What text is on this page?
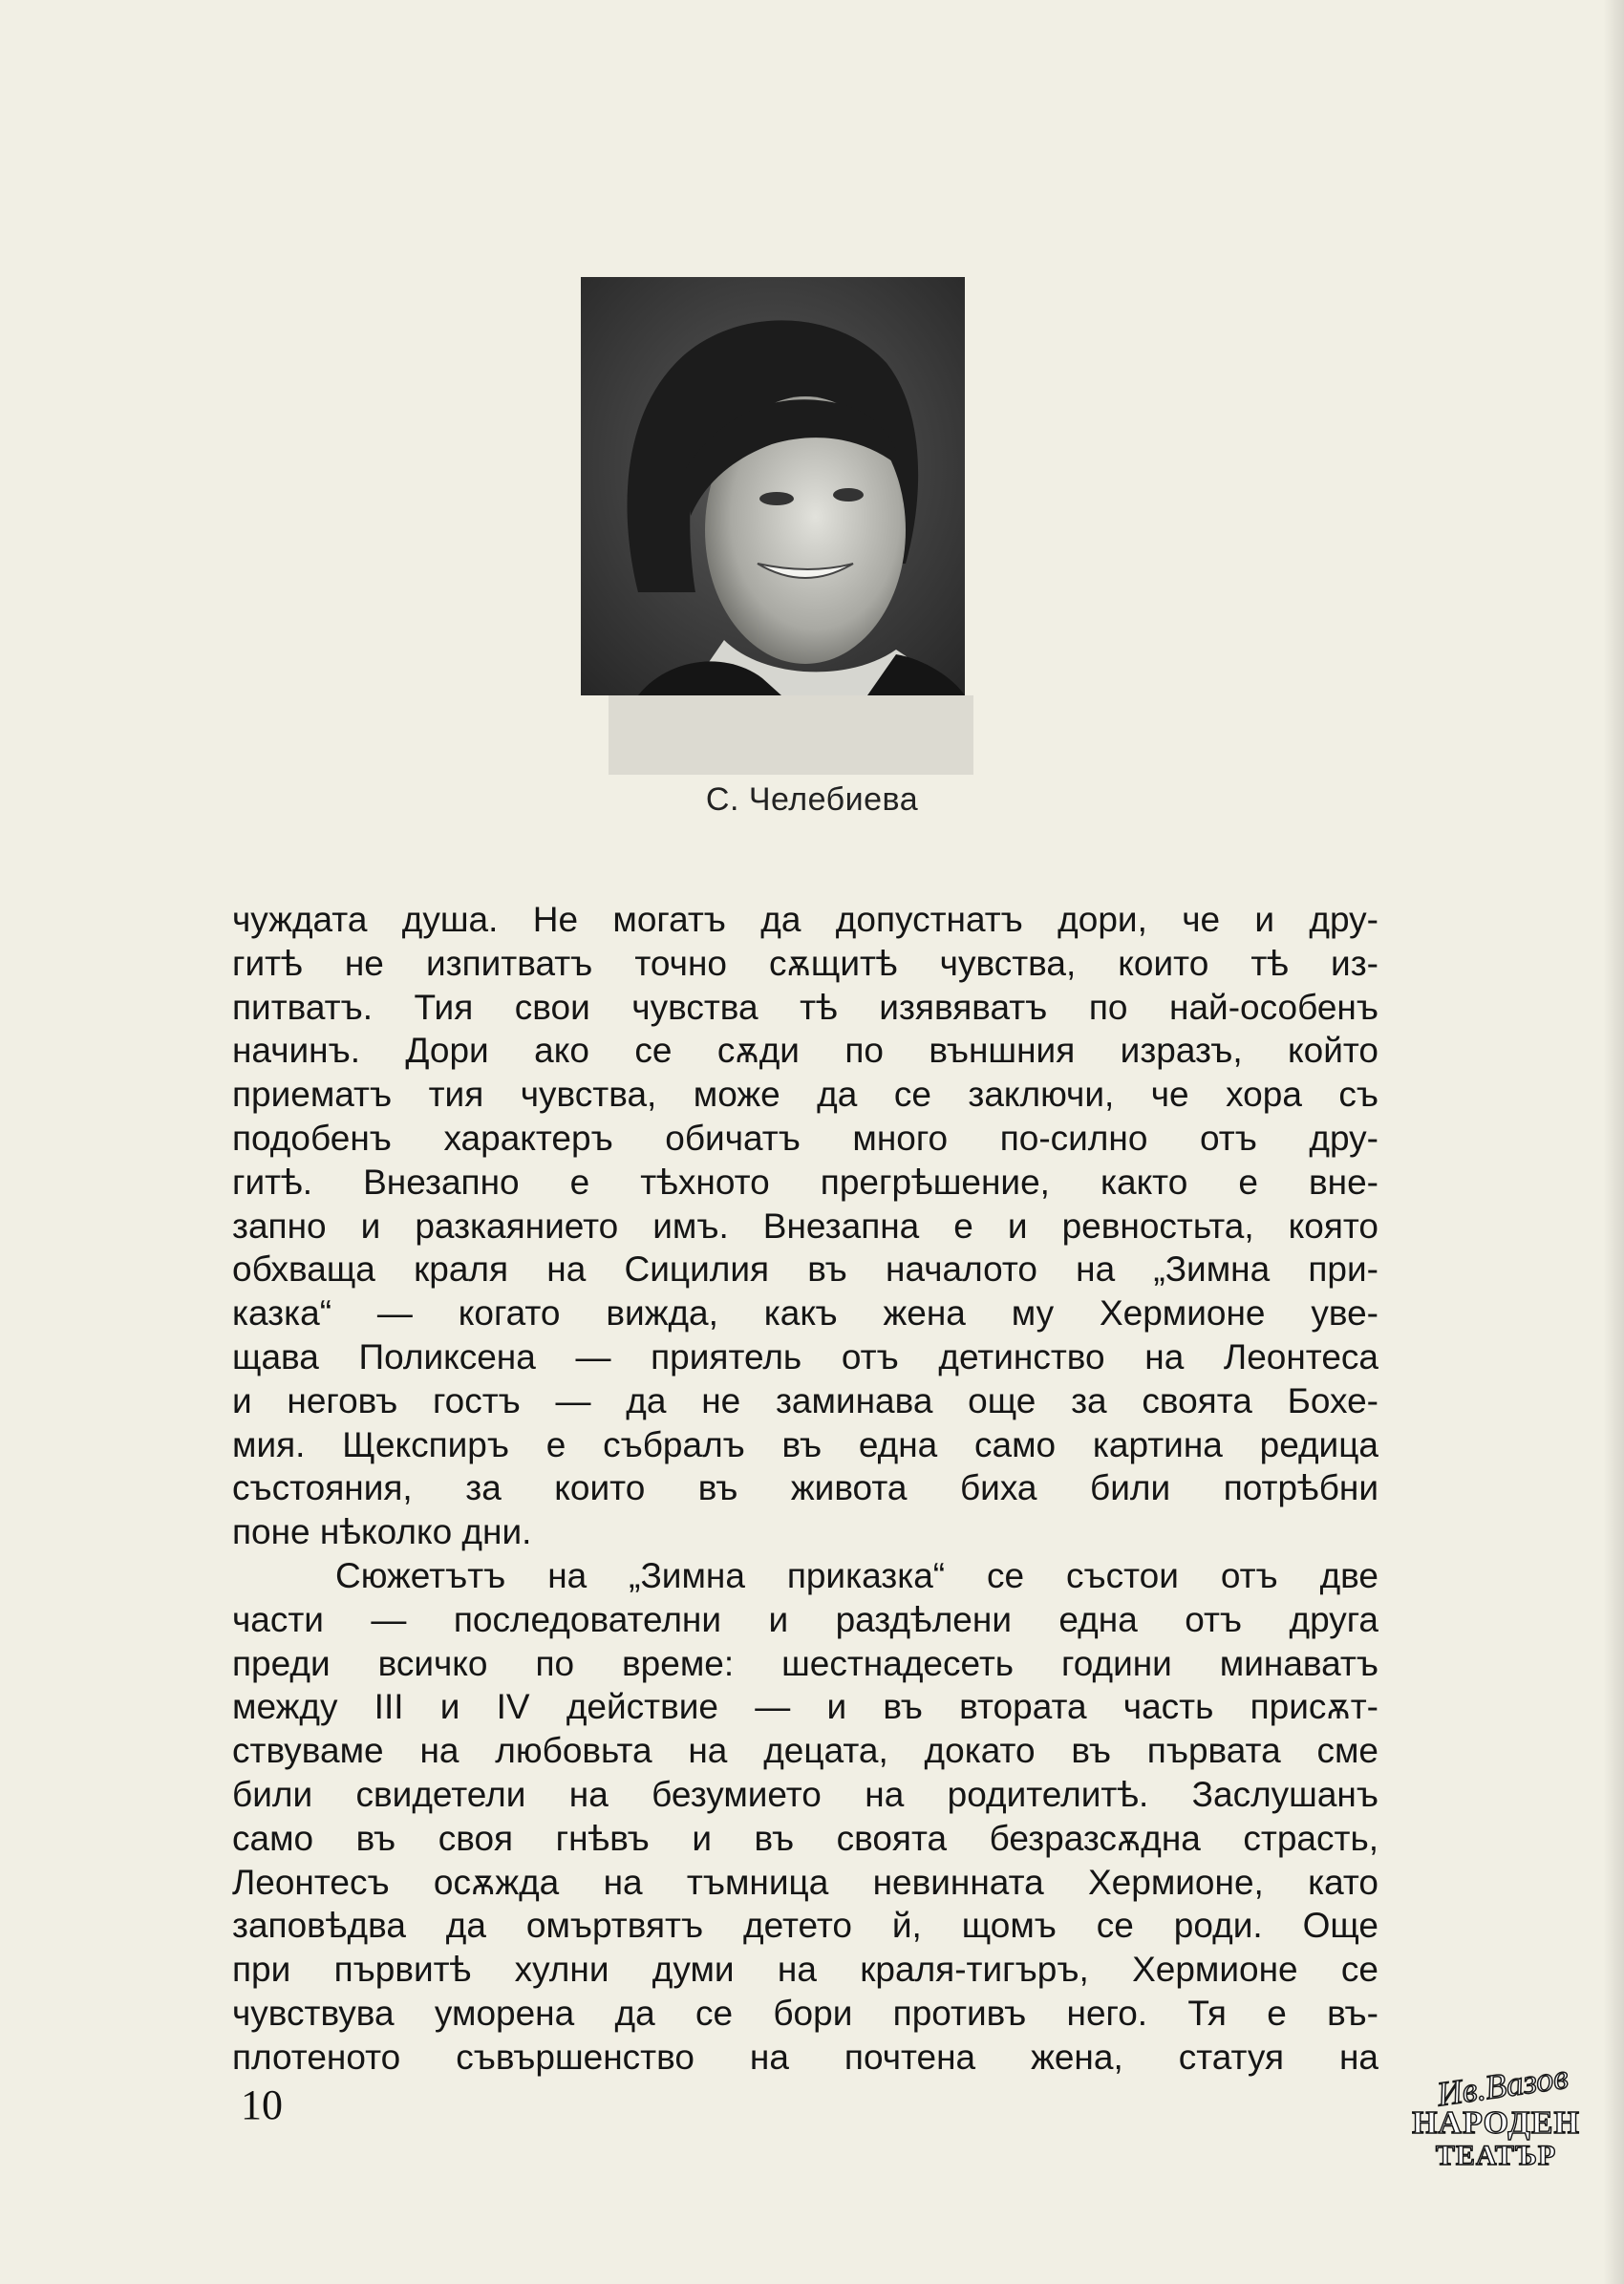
С. Челебиева
чуждата душа. Не могатъ да допустнатъ дори, че и дру-
гитѣ не изпитватъ точно сѫщитѣ чувства, които тѣ из-
питватъ. Тия свои чувства тѣ изявяватъ по най-особенъ
начинъ. Дори ако се сѫди по външния изразъ, който
приематъ тия чувства, може да се заключи, че хора съ
подобенъ характеръ обичатъ много по-силно отъ дру-
гитѣ. Внезапно е тѣхното прегрѣшение, както е вне-
запно и разкаянието имъ. Внезапна е и ревностьта, която
обхваща краля на Сицилия въ началото на „Зимна при-
казка“ — когато вижда, какъ жена му Хермионе уве-
щава Поликсена — приятель отъ детинство на Леонтеса
и неговъ гостъ — да не заминава още за своята Бохе-
мия. Щекспиръ е събралъ въ една само картина редица
състояния, за които въ живота биха били потрѣбни
поне нѣколко дни.
Сюжетътъ на „Зимна приказка“ се състои отъ две
части — последователни и раздѣлени една отъ друга
преди всичко по време: шестнадесеть години минаватъ
между III и IV действие — и въ втората часть присѫт-
ствуваме на любовьта на децата, докато въ първата сме
били свидетели на безумието на родителитѣ. Заслушанъ
само въ своя гнѣвъ и въ своята безразсѫдна страсть,
Леонтесъ осѫжда на тъмница невинната Хермионе, като
заповѣдва да омъртвятъ детето й, щомъ се роди. Още
при първитѣ хулни думи на краля-тигъръ, Хермионе се
чувствува уморена да се бори противъ него. Тя е въ-
плотеното съвършенство на почтена жена, статуя на
10	Ив.Вазов
НАРОДЕН
ТЕАТЪР
